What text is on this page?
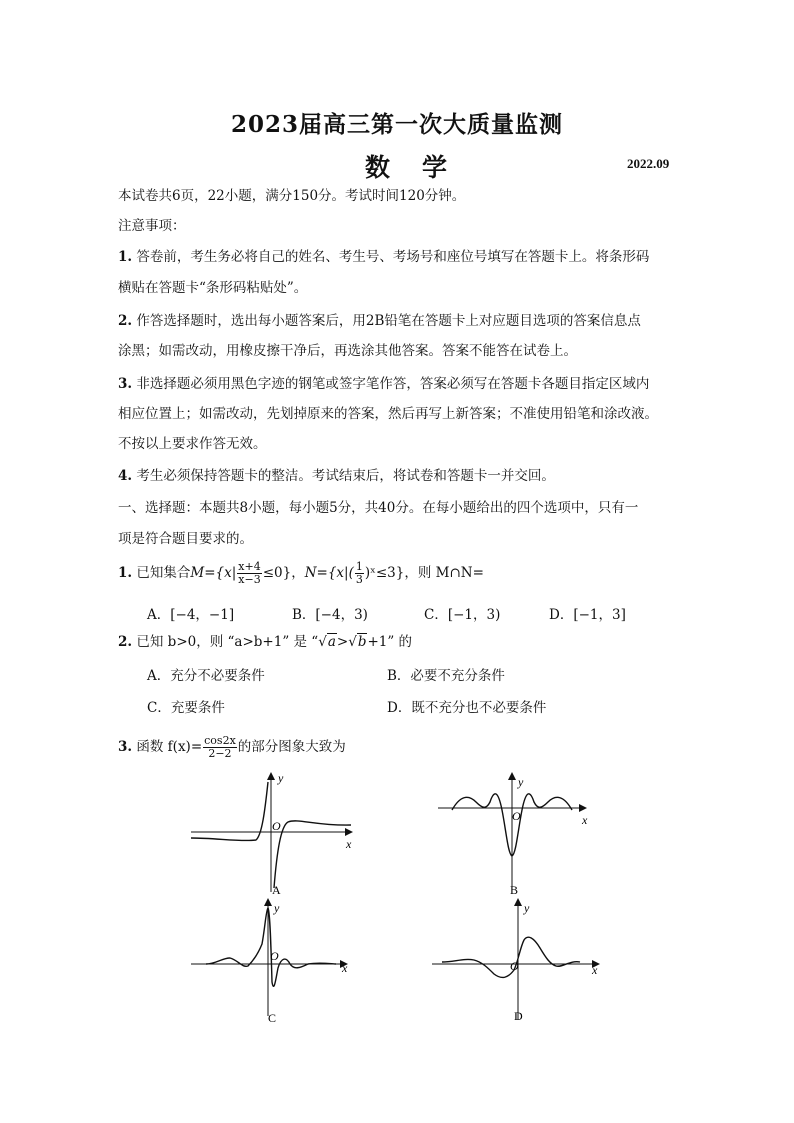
2023届高三第一次大质量监测
数学	2022.09
本试卷共6页，22小题，满分150分。考试时间120分钟。
注意事项：
1. 答卷前，考生务必将自己的姓名、考生号、考场号和座位号填写在答题卡上。将条形码
横贴在答题卡“条形码粘贴处”。
2. 作答选择题时，选出每小题答案后，用2B铅笔在答题卡上对应题目选项的答案信息点
涂黑；如需改动，用橡皮擦干净后，再选涂其他答案。答案不能答在试卷上。
3. 非选择题必须用黑色字迹的钢笔或签字笔作答，答案必须写在答题卡各题目指定区域内
相应位置上；如需改动，先划掉原来的答案，然后再写上新答案；不准使用铅笔和涂改液。
不按以上要求作答无效。
4. 考生必须保持答题卡的整洁。考试结束后，将试卷和答题卡一并交回。
一、选择题：本题共8小题，每小题5分，共40分。在每小题给出的四个选项中，只有一
项是符合题目要求的。
1. 已知集合$M=\{x| \frac{x+4}{x-3} \le 0\}$，$N=\{x|( \frac{1}{3}$ )ˣ≤3}，则 M∩N=
A．[−4，−1]	B．[−4，3)	C．[−1，3)	D．[−1，3]
2. 已知 b>0，则 “a>b+1” 是 “√a>√b+1” 的
A．充分不必要条件	B．必要不充分条件
C．充要条件	D．既不充分也不必要条件
3. 函数 $f(x)= \frac{\cos 2x}{2-2}$ 的部分图象大致为
y
x
O
A
y
x
O
B
y
x
O
C
y
x
O
D
